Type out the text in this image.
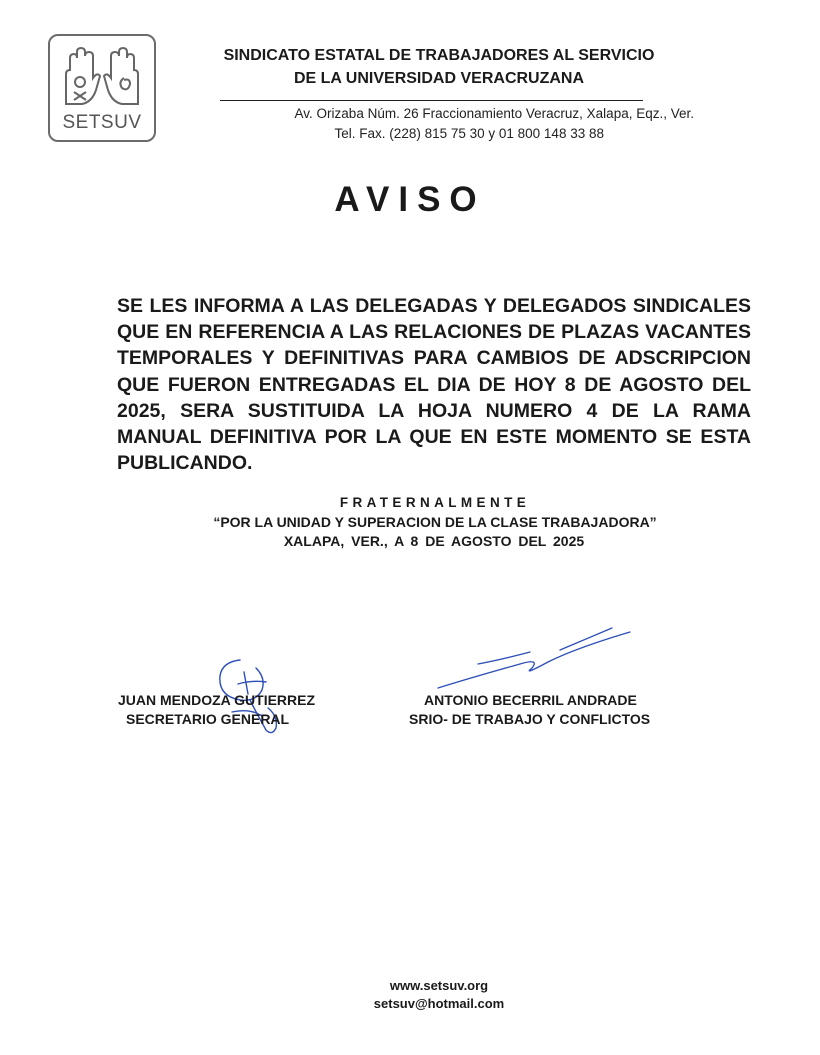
SETSUV
SINDICATO ESTATAL DE TRABAJADORES AL SERVICIO
DE LA UNIVERSIDAD VERACRUZANA
Av. Orizaba Núm. 26 Fraccionamiento Veracruz, Xalapa, Eqz., Ver.
Tel. Fax. (228) 815 75 30 y 01 800 148 33 88
AVISO
SE LES INFORMA A LAS DELEGADAS Y DELEGADOS SINDICALES QUE EN REFERENCIA A LAS RELACIONES DE PLAZAS VACANTES TEMPORALES Y DEFINITIVAS PARA CAMBIOS DE ADSCRIPCION QUE FUERON ENTREGADAS EL DIA DE HOY 8 DE AGOSTO DEL 2025, SERA SUSTITUIDA LA HOJA NUMERO 4 DE LA RAMA MANUAL DEFINITIVA POR LA QUE EN ESTE MOMENTO SE ESTA PUBLICANDO.
FRATERNALMENTE
“POR LA UNIDAD Y SUPERACION DE LA CLASE TRABAJADORA”
XALAPA, VER., A 8 DE AGOSTO DEL 2025
JUAN MENDOZA GUTIERREZ
SECRETARIO GENERAL
ANTONIO BECERRIL ANDRADE
SRIO- DE TRABAJO Y CONFLICTOS
www.setsuv.org
setsuv@hotmail.com
